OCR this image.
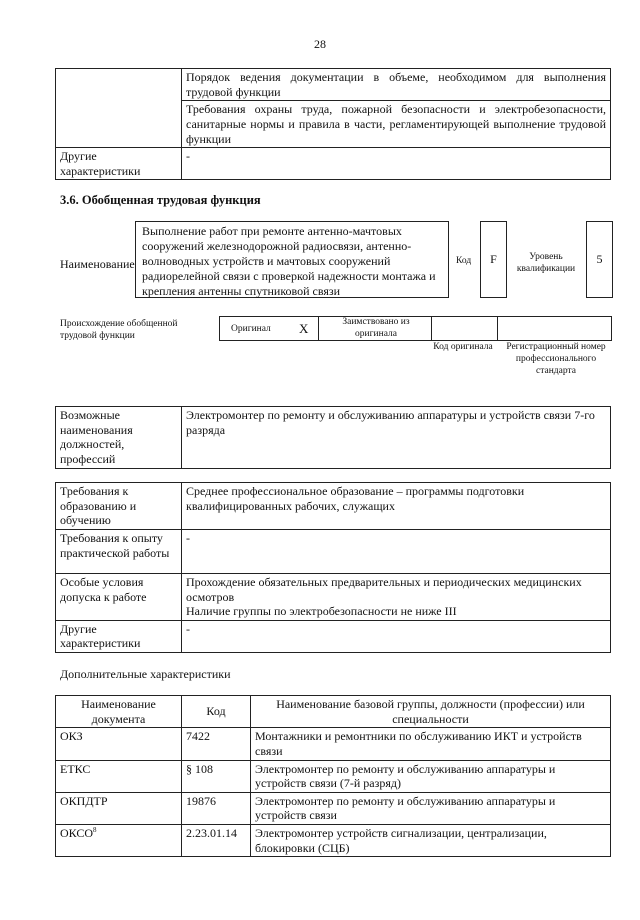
28
	Порядок ведения документации в объеме, необходимом для выполнения трудовой функции
	Требования охраны труда, пожарной безопасности и электробезопасности, санитарные нормы и правила в части, регламентирующей выполнение трудовой функции
Другие характеристики	-
3.6. Обобщенная трудовая функция
Наименование
Выполнение работ при ремонте антенно-мачтовых сооружений железнодорожной радиосвязи, антенно-волноводных устройств и мачтовых сооружений радиорелейной связи с проверкой надежности монтажа и крепления антенны спутниковой связи
Код	F	Уровень квалификации
5
Происхождение обобщенной трудовой функции
Оригинал X	Заимствовано из оригинала
Код оригинала	Регистрационный номер профессионального стандарта
Возможные наименования должностей, профессий	Электромонтер по ремонту и обслуживанию аппаратуры и устройств связи 7-го разряда
Требования к образованию и обучению	Среднее профессиональное образование – программы подготовки квалифицированных рабочих, служащих
Требования к опыту практической работы	-
Особые условия допуска к работе	Прохождение обязательных предварительных и периодических медицинских осмотров
Наличие группы по электробезопасности не ниже III

Другие характеристики	-
Дополнительные характеристики
Наименование документа	Код	Наименование базовой группы, должности (профессии) или специальности
ОКЗ	7422	Монтажники и ремонтники по обслуживанию ИКТ и устройств связи
ЕТКС	§ 108	Электромонтер по ремонту и обслуживанию аппаратуры и устройств связи (7-й разряд)
ОКПДТР	19876	Электромонтер по ремонту и обслуживанию аппаратуры и устройств связи
ОКСО$^8$	2.23.01.14	Электромонтер устройств сигнализации, централизации, блокировки (СЦБ)
